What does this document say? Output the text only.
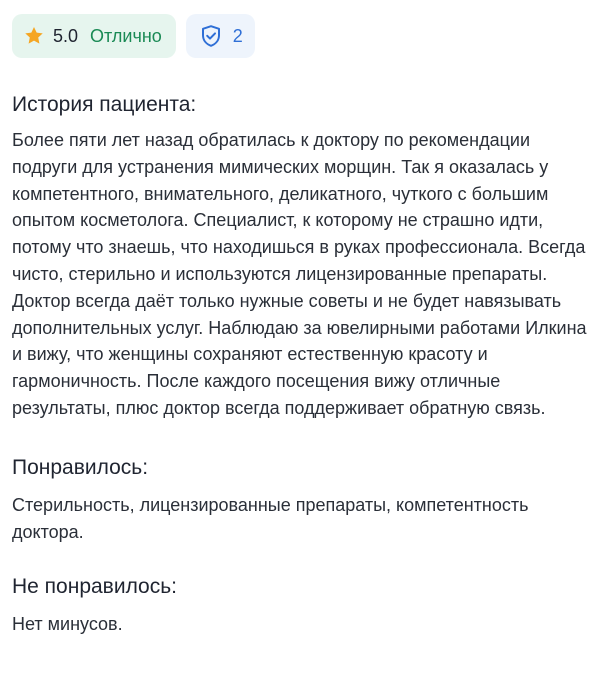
5.0 Отлично	2
История пациента:

Более пяти лет назад обратилась к доктору по рекомендации подруги для устранения мимических морщин. Так я оказалась у компетентного, внимательного, деликатного, чуткого с большим опытом косметолога. Специалист, к которому не страшно идти, потому что знаешь, что находишься в руках профессионала. Всегда чисто, стерильно и используются лицензированные препараты. Доктор всегда даёт только нужные советы и не будет навязывать дополнительных услуг. Наблюдаю за ювелирными работами Илкина и вижу, что женщины сохраняют естественную красоту и гармоничность. После каждого посещения вижу отличные результаты, плюс доктор всегда поддерживает обратную связь.

Понравилось:

Стерильность, лицензированные препараты, компетентность доктора.

Не понравилось:

Нет минусов.
